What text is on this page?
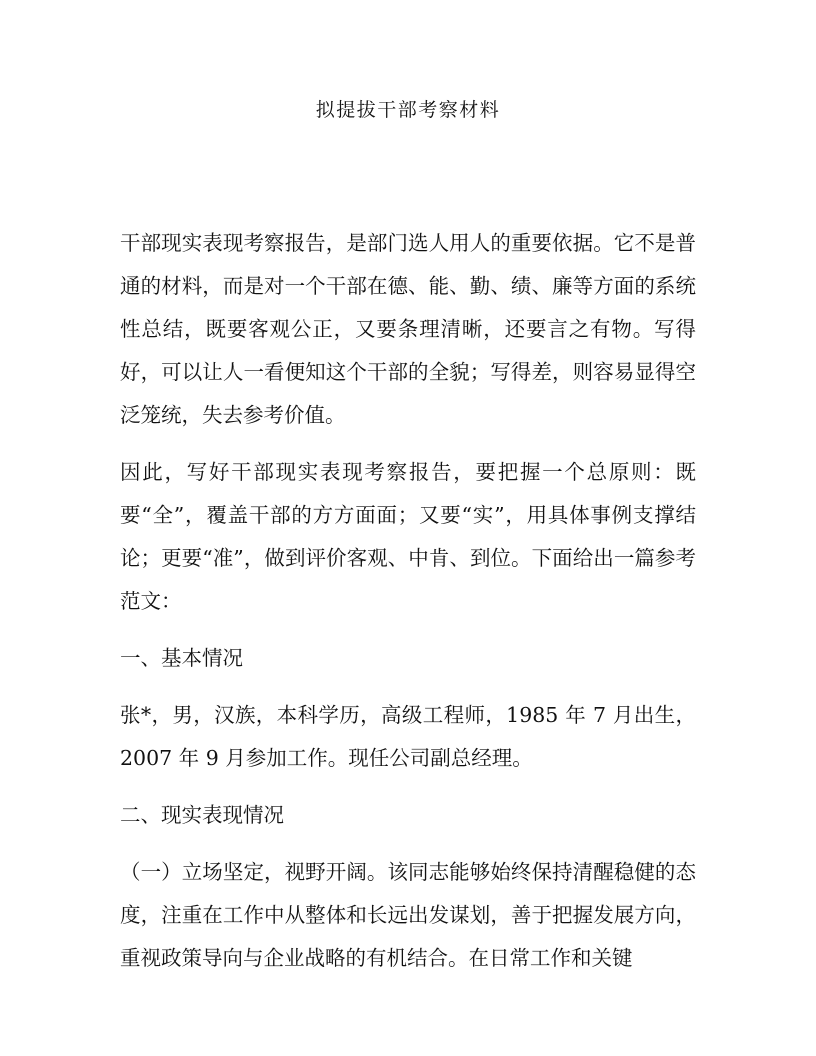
拟提拔干部考察材料

干部现实表现考察报告，是部门选人用人的重要依据。它不是普通的材料，而是对一个干部在德、能、勤、绩、廉等方面的系统性总结，既要客观公正，又要条理清晰，还要言之有物。写得好，可以让人一看便知这个干部的全貌；写得差，则容易显得空泛笼统，失去参考价值。

因此，写好干部现实表现考察报告，要把握一个总原则：既要“全”，覆盖干部的方方面面；又要“实”，用具体事例支撑结论；更要“准”，做到评价客观、中肯、到位。下面给出一篇参考范文：

一、基本情况

张*，男，汉族，本科学历，高级工程师，1985 年 7 月出生，2007 年 9 月参加工作。现任公司副总经理。

二、现实表现情况

（一）立场坚定，视野开阔。该同志能够始终保持清醒稳健的态度，注重在工作中从整体和长远出发谋划，善于把握发展方向，重视政策导向与企业战略的有机结合。在日常工作和关键
